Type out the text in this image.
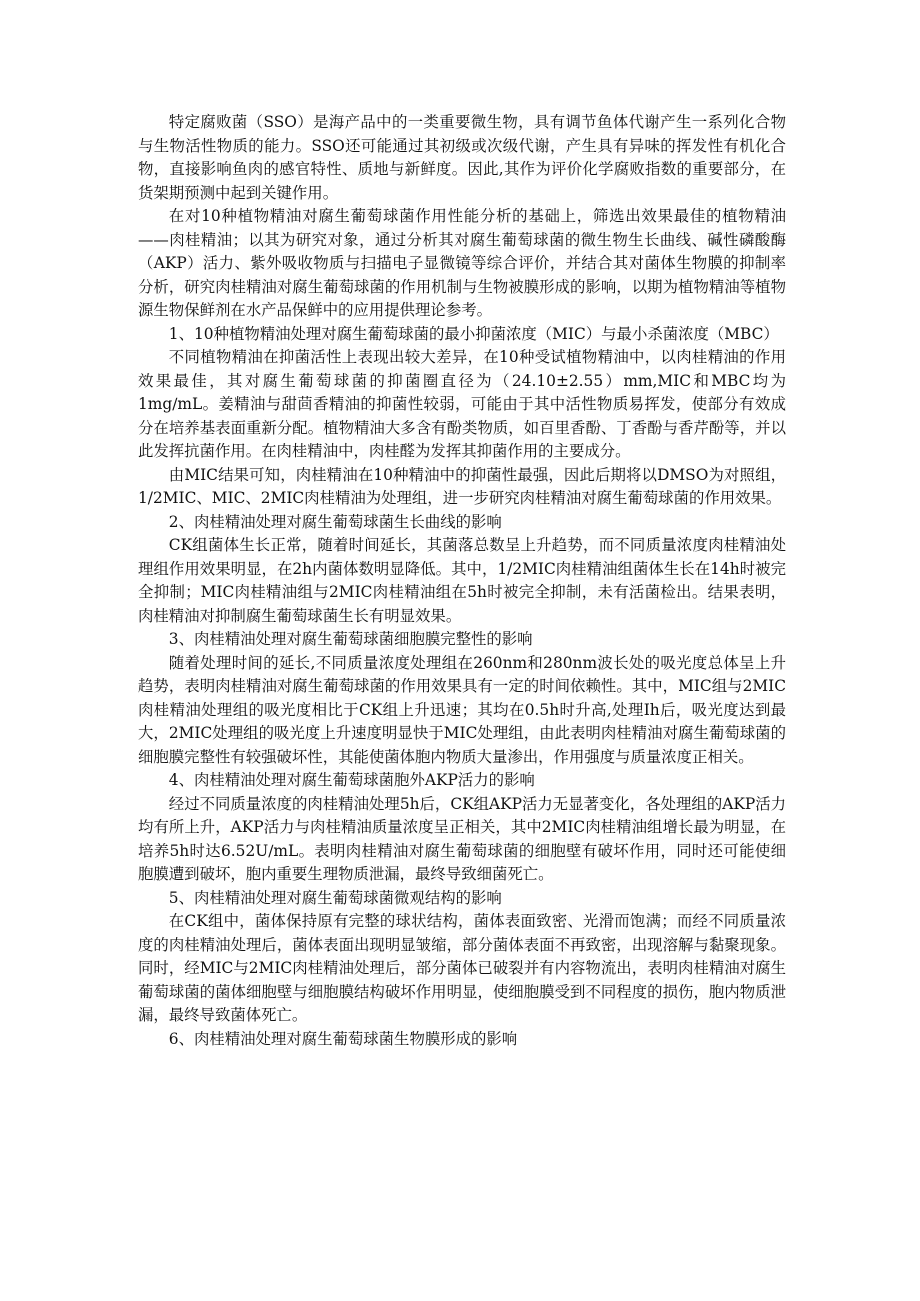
特定腐败菌（SSO）是海产品中的一类重要微生物，具有调节鱼体代谢产生一系列化合物与生物活性物质的能力。SSO还可能通过其初级或次级代谢，产生具有异味的挥发性有机化合物，直接影响鱼肉的感官特性、质地与新鲜度。因此,其作为评价化学腐败指数的重要部分，在货架期预测中起到关键作用。

在对10种植物精油对腐生葡萄球菌作用性能分析的基础上，筛选出效果最佳的植物精油——肉桂精油；以其为研究对象，通过分析其对腐生葡萄球菌的微生物生长曲线、碱性磷酸酶（AKP）活力、紫外吸收物质与扫描电子显微镜等综合评价，并结合其对菌体生物膜的抑制率分析，研究肉桂精油对腐生葡萄球菌的作用机制与生物被膜形成的影响，以期为植物精油等植物源生物保鲜剂在水产品保鲜中的应用提供理论参考。

1、10种植物精油处理对腐生葡萄球菌的最小抑菌浓度（MIC）与最小杀菌浓度（MBC）

不同植物精油在抑菌活性上表现出较大差异，在10种受试植物精油中，以肉桂精油的作用效果最佳，其对腐生葡萄球菌的抑菌圈直径为（24.10±2.55）mm,MIC和MBC均为1mg∕mL。姜精油与甜茴香精油的抑菌性较弱，可能由于其中活性物质易挥发，使部分有效成分在培养基表面重新分配。植物精油大多含有酚类物质，如百里香酚、丁香酚与香芹酚等，并以此发挥抗菌作用。在肉桂精油中，肉桂醛为发挥其抑菌作用的主要成分。

由MIC结果可知，肉桂精油在10种精油中的抑菌性最强，因此后期将以DMSO为对照组，1/2MIC、MIC、2MIC肉桂精油为处理组，进一步研究肉桂精油对腐生葡萄球菌的作用效果。

2、肉桂精油处理对腐生葡萄球菌生长曲线的影响

CK组菌体生长正常，随着时间延长，其菌落总数呈上升趋势，而不同质量浓度肉桂精油处理组作用效果明显，在2h内菌体数明显降低。其中，1/2MIC肉桂精油组菌体生长在14h时被完全抑制；MIC肉桂精油组与2MIC肉桂精油组在5h时被完全抑制，未有活菌检出。结果表明，肉桂精油对抑制腐生葡萄球菌生长有明显效果。

3、肉桂精油处理对腐生葡萄球菌细胞膜完整性的影响

随着处理时间的延长,不同质量浓度处理组在260nm和280nm波长处的吸光度总体呈上升趋势，表明肉桂精油对腐生葡萄球菌的作用效果具有一定的时间依赖性。其中，MIC组与2MIC肉桂精油处理组的吸光度相比于CK组上升迅速；其均在0.5h时升高,处理Ih后，吸光度达到最大，2MIC处理组的吸光度上升速度明显快于MIC处理组，由此表明肉桂精油对腐生葡萄球菌的细胞膜完整性有较强破坏性，其能使菌体胞内物质大量渗出，作用强度与质量浓度正相关。

4、肉桂精油处理对腐生葡萄球菌胞外AKP活力的影响

经过不同质量浓度的肉桂精油处理5h后，CK组AKP活力无显著变化，各处理组的AKP活力均有所上升，AKP活力与肉桂精油质量浓度呈正相关，其中2MIC肉桂精油组增长最为明显，在培养5h时达6.52U∕mL。表明肉桂精油对腐生葡萄球菌的细胞壁有破坏作用，同时还可能使细胞膜遭到破坏，胞内重要生理物质泄漏，最终导致细菌死亡。

5、肉桂精油处理对腐生葡萄球菌微观结构的影响

在CK组中，菌体保持原有完整的球状结构，菌体表面致密、光滑而饱满；而经不同质量浓度的肉桂精油处理后，菌体表面出现明显皱缩，部分菌体表面不再致密，出现溶解与黏聚现象。同时，经MIC与2MIC肉桂精油处理后，部分菌体已破裂并有内容物流出，表明肉桂精油对腐生葡萄球菌的菌体细胞壁与细胞膜结构破坏作用明显，使细胞膜受到不同程度的损伤，胞内物质泄漏，最终导致菌体死亡。

6、肉桂精油处理对腐生葡萄球菌生物膜形成的影响
